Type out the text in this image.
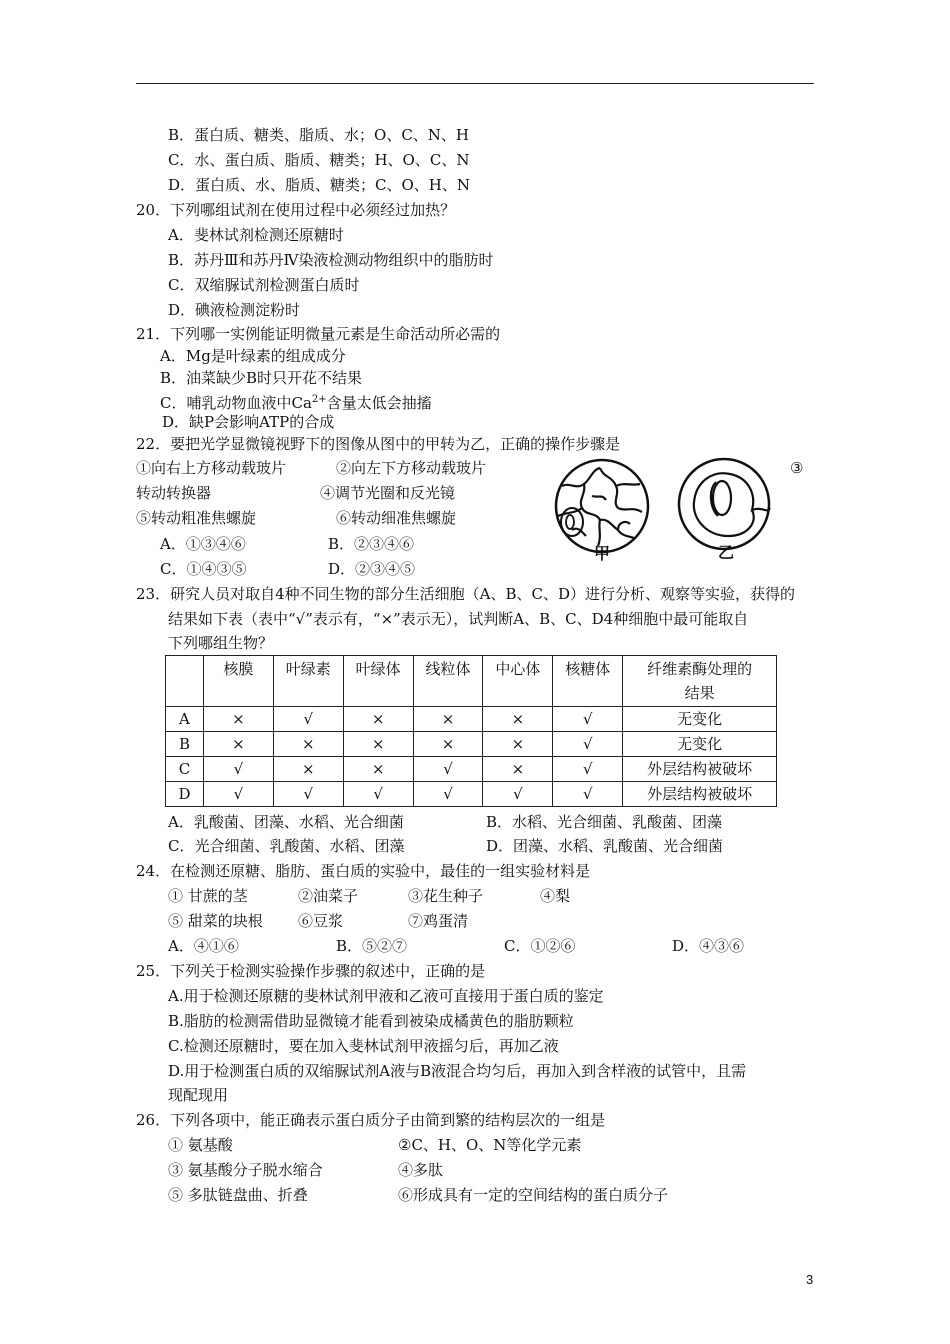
B．蛋白质、糖类、脂质、水；O、C、N、H
C．水、蛋白质、脂质、糖类；H、O、C、N
D．蛋白质、水、脂质、糖类；C、O、H、N
20．下列哪组试剂在使用过程中必须经过加热？
A．斐林试剂检测还原糖时
B．苏丹Ⅲ和苏丹Ⅳ染液检测动物组织中的脂肪时
C．双缩脲试剂检测蛋白质时
D．碘液检测淀粉时
21．下列哪一实例能证明微量元素是生命活动所必需的
A．Mg是叶绿素的组成成分
B．油菜缺少B时只开花不结果
C．哺乳动物血液中$Ca^{2+}$含量太低会抽搐
D．缺P会影响ATP的合成
22．要把光学显微镜视野下的图像从图中的甲转为乙，正确的操作步骤是
①向右上方移动载玻片	②向左下方移动载玻片	③
转动转换器	④调节光圈和反光镜
⑤转动粗准焦螺旋	⑥转动细准焦螺旋
A．①③④⑥	B．②③④⑥
C．①④③⑤	D．②③④⑤
甲	乙
23．研究人员对取自4种不同生物的部分生活细胞（A、B、C、D）进行分析、观察等实验，获得的
结果如下表（表中“√”表示有，“×”表示无），试判断A、B、C、D4种细胞中最可能取自
下列哪组生物？
	核膜	叶绿素	叶绿体	线粒体	中心体	核糖体	纤维素酶处理的结果
A	×	√	×	×	×	√	无变化
B	×	×	×	×	×	√	无变化
C	√	×	×	√	×	√	外层结构被破坏
D	√	√	√	√	√	√	外层结构被破坏
A．乳酸菌、团藻、水稻、光合细菌	B．水稻、光合细菌、乳酸菌、团藻
C．光合细菌、乳酸菌、水稻、团藻	D．团藻、水稻、乳酸菌、光合细菌
24．在检测还原糖、脂肪、蛋白质的实验中，最佳的一组实验材料是
① 甘蔗的茎	②油菜子	③花生种子	④梨
⑤ 甜菜的块根 ⑥豆浆	⑦鸡蛋清
A．④①⑥	B．⑤②⑦	C．①②⑥	D．④③⑥
25．下列关于检测实验操作步骤的叙述中，正确的是
A.用于检测还原糖的斐林试剂甲液和乙液可直接用于蛋白质的鉴定
B.脂肪的检测需借助显微镜才能看到被染成橘黄色的脂肪颗粒
C.检测还原糖时，要在加入斐林试剂甲液摇匀后，再加乙液
D.用于检测蛋白质的双缩脲试剂A液与B液混合均匀后，再加入到含样液的试管中，且需
现配现用
26．下列各项中，能正确表示蛋白质分子由简到繁的结构层次的一组是
① 氨基酸	②C、H、O、N等化学元素
③ 氨基酸分子脱水缩合	④多肽
⑤ 多肽链盘曲、折叠	⑥形成具有一定的空间结构的蛋白质分子
3
